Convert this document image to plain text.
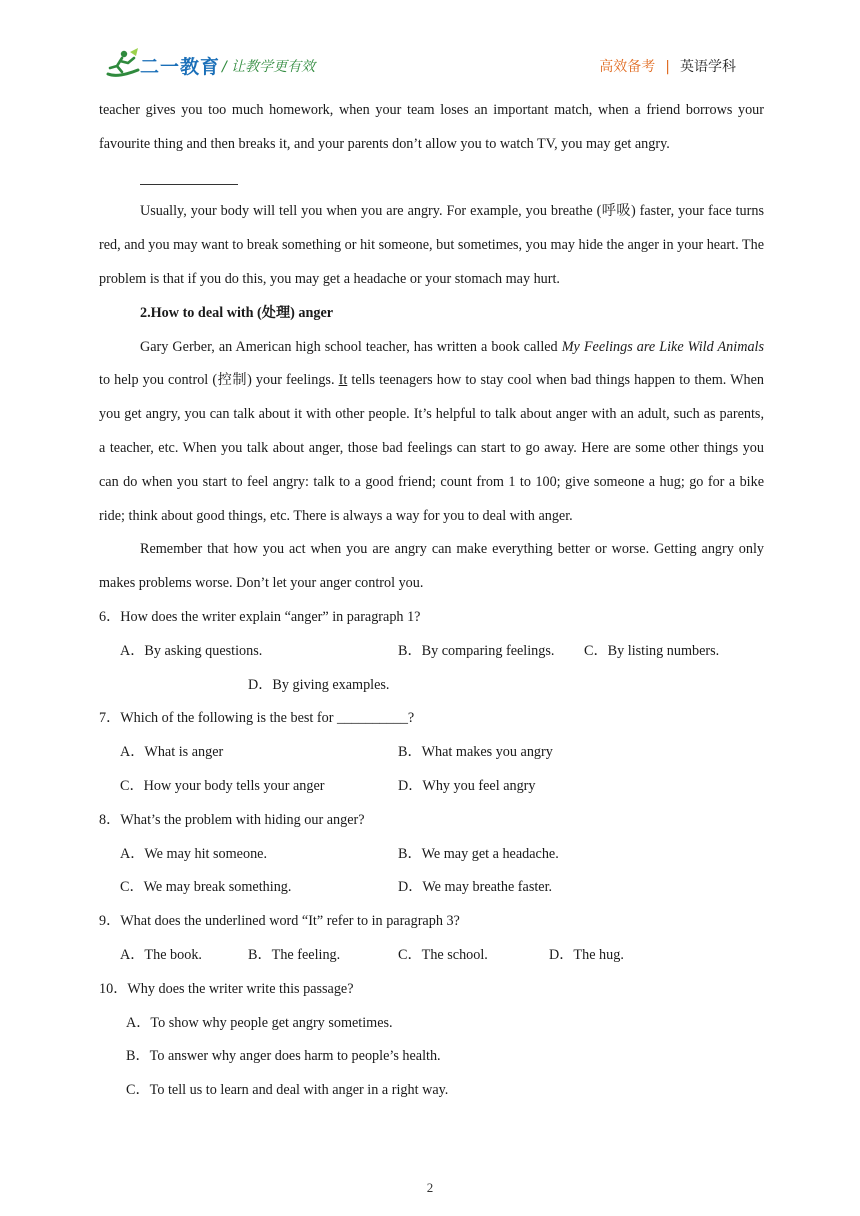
二一教育 / 让教学更有效	高效备考 | 英语学科

teacher gives you too much homework, when your team loses an important match, when a friend borrows your favourite thing and then breaks it, and your parents don’t allow you to watch TV, you may get angry.

Usually, your body will tell you when you are angry. For example, you breathe (呼吸) faster, your face turns red, and you may want to break something or hit someone, but sometimes, you may hide the anger in your heart. The problem is that if you do this, you may get a headache or your stomach may hurt.

2.How to deal with (处理) anger

Gary Gerber, an American high school teacher, has written a book called My Feelings are Like Wild Animals to help you control (控制) your feelings. It tells teenagers how to stay cool when bad things happen to them. When you get angry, you can talk about it with other people. It’s helpful to talk about anger with an adult, such as parents, a teacher, etc. When you talk about anger, those bad feelings can start to go away. Here are some other things you can do when you start to feel angry: talk to a good friend; count from 1 to 100; give someone a hug; go for a bike ride; think about good things, etc. There is always a way for you to deal with anger.

Remember that how you act when you are angry can make everything better or worse. Getting angry only makes problems worse. Don’t let your anger control you.

6．How does the writer explain “anger” in paragraph 1?

A．By asking questions.	B．By comparing feelings. C．By listing numbers.
D．By giving examples.

7．Which of the following is the best for __________?

A．What is anger	B．What makes you angry
C．How your body tells your anger	D．Why you feel angry

8．What’s the problem with hiding our anger?

A．We may hit someone.	B．We may get a headache.
C．We may break something.	D．We may breathe faster.

9．What does the underlined word “It” refer to in paragraph 3?

A．The book.	B．The feeling.	C．The school.	D．The hug.

10．Why does the writer write this passage?

A．To show why people get angry sometimes.
B．To answer why anger does harm to people’s health.
C．To tell us to learn and deal with anger in a right way.
2
